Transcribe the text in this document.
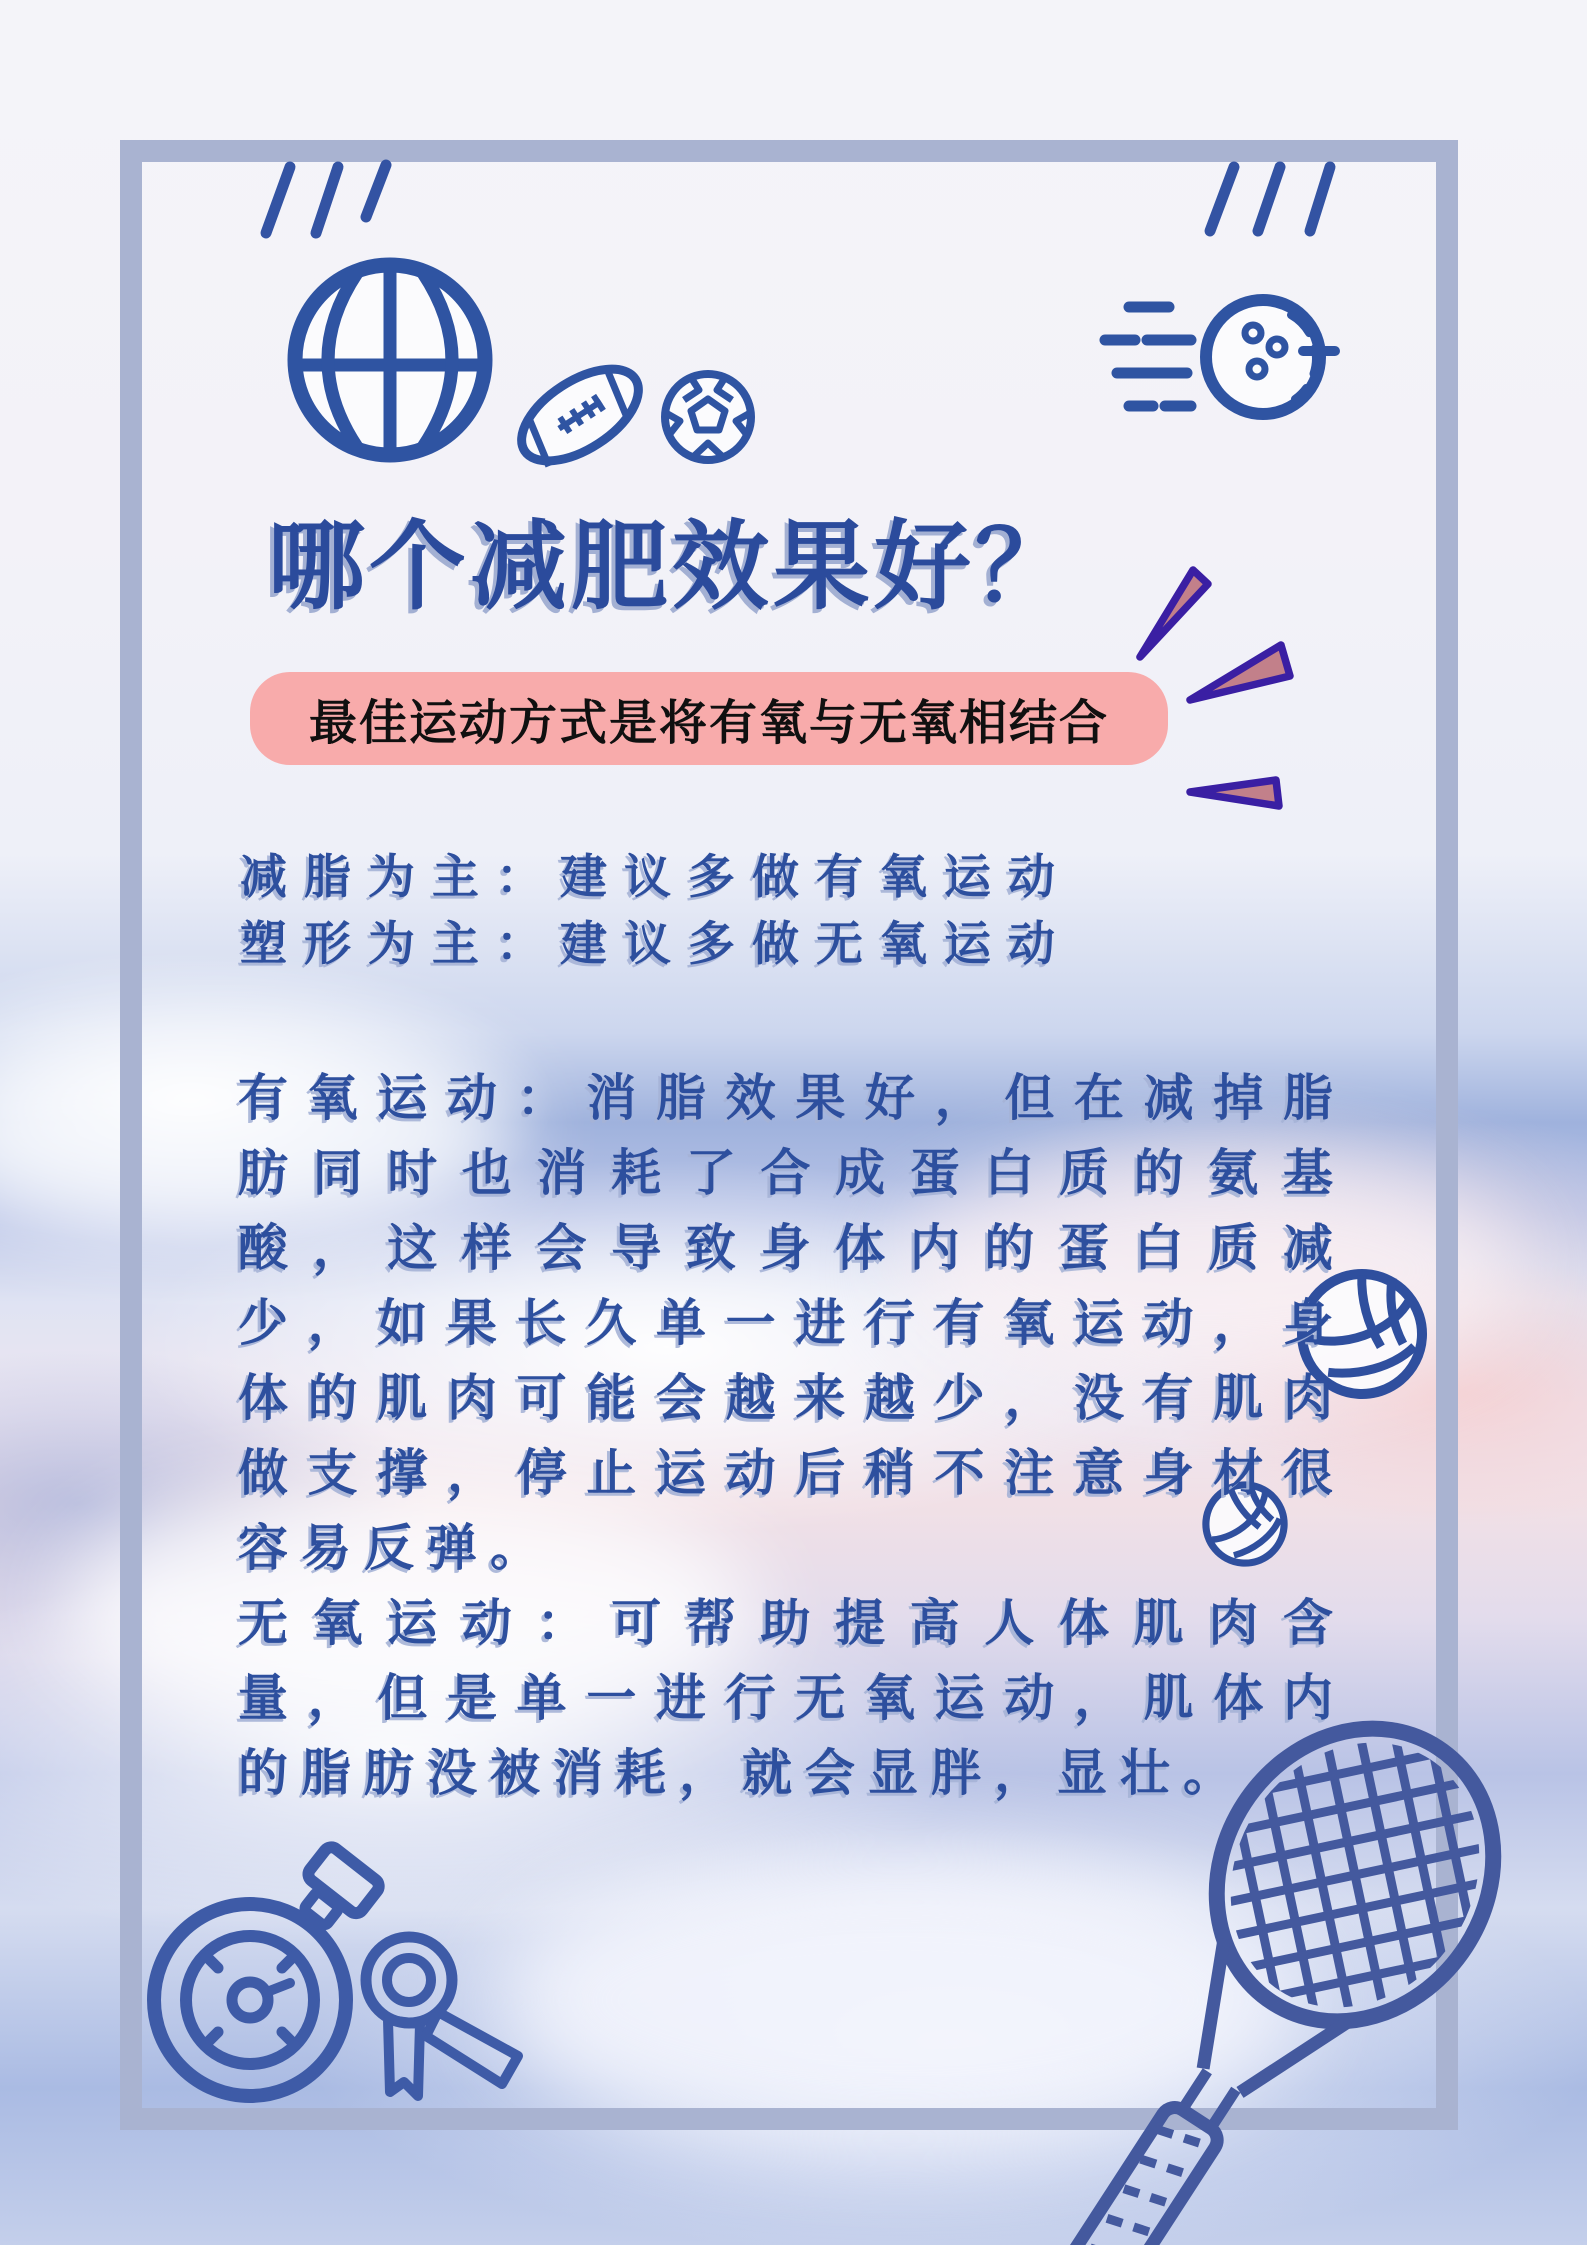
哪个减肥效果好？
最佳运动方式是将有氧与无氧相结合
减脂为主：建议多做有氧运动
塑形为主：建议多做无氧运动
有氧运动：消脂效果好，但在减掉脂
肪同时也消耗了合成蛋白质的氨基
酸，这样会导致身体内的蛋白质减
少，如果长久单一进行有氧运动，身
体的肌肉可能会越来越少，没有肌肉
做支撑，停止运动后稍不注意身材很
容易反弹。
无氧运动：可帮助提高人体肌肉含
量，但是单一进行无氧运动，肌体内
的脂肪没被消耗，就会显胖，显壮。
